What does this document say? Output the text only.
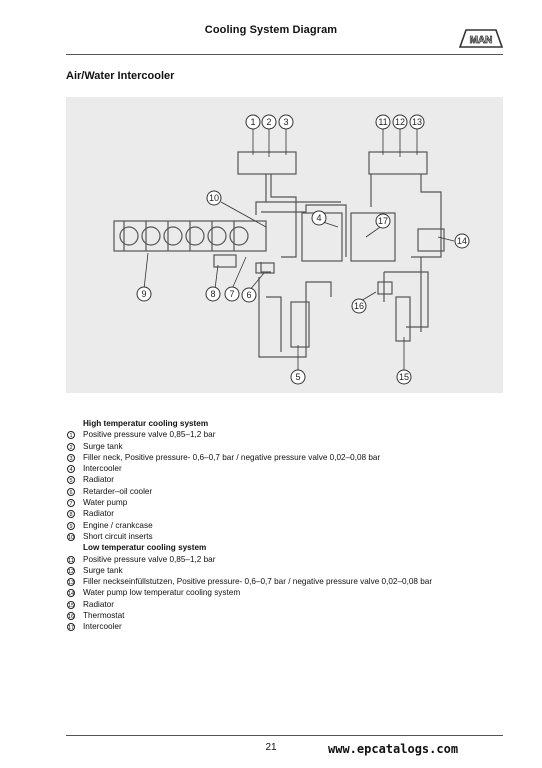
Cooling System Diagram
MAN
Air/Water Intercooler
1 2 3
4
5
6
7
8
9
10
11 12 13
14
15
16
17
High temperatur cooling system
1	Positive pressure valve 0,85–1,2 bar
2	Surge tank
3	Filler neck, Positive pressure- 0,6–0,7 bar / negative pressure valve 0,02–0,08 bar
4	Intercooler
5	Radiator
6	Retarder–oil cooler
7	Water pump
8	Radiator
9	Engine / crankcase
10 Short circuit inserts
Low temperatur cooling system
11 Positive pressure valve 0,85–1,2 bar
12 Surge tank
13 Filler neckseinfüllstutzen, Positive pressure- 0,6–0,7 bar / negative pressure valve 0,02–0,08 bar
14 Water pump low temperatur cooling system
15 Radiator
16 Thermostat
17 Intercooler
21	www.epcatalogs.com
